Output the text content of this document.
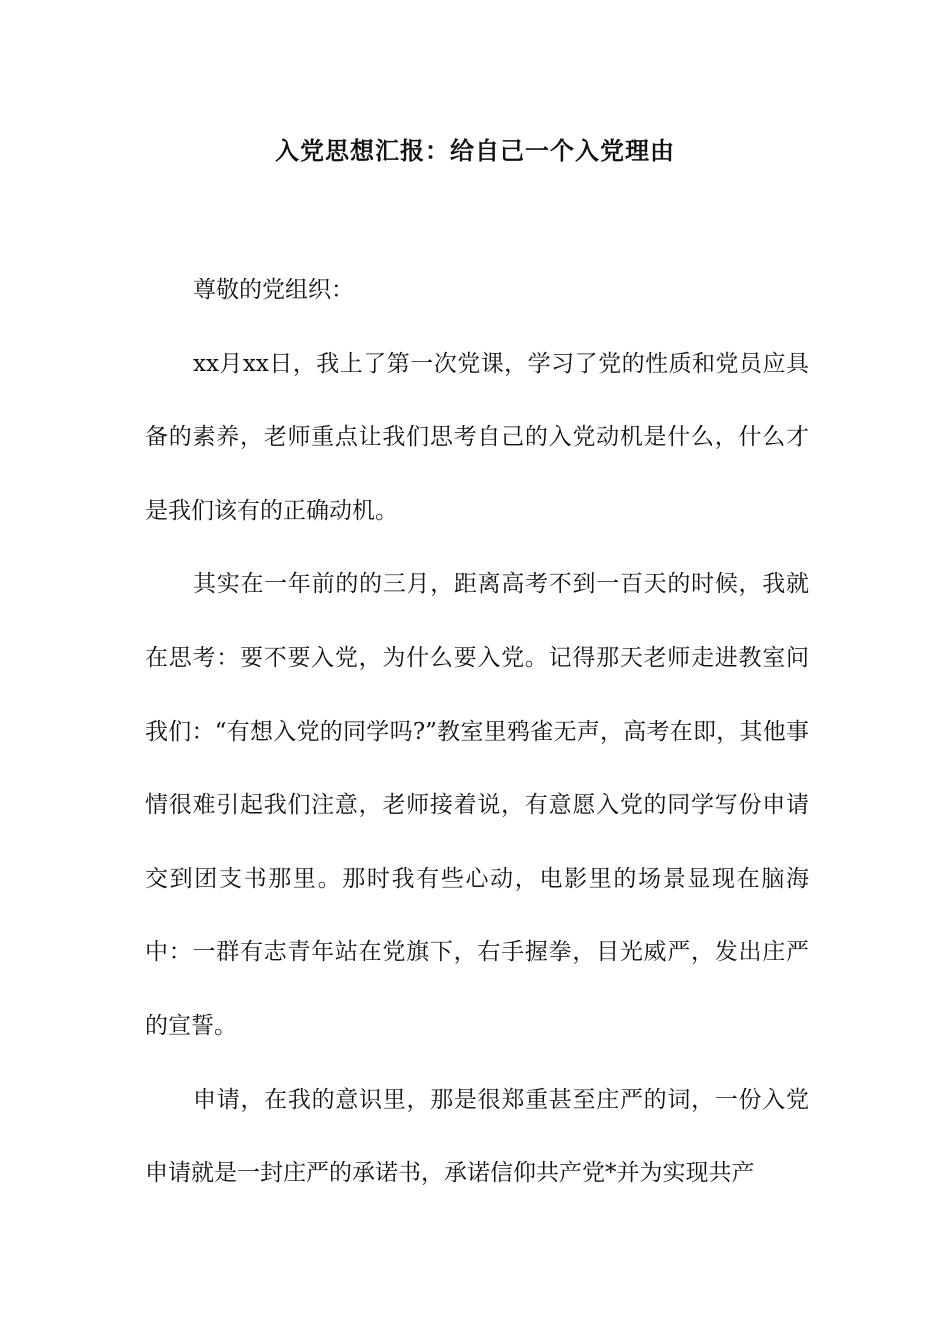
入党思想汇报：给自己一个入党理由

尊敬的党组织：

xx月xx日，我上了第一次党课，学习了党的性质和党员应具备的素养，老师重点让我们思考自己的入党动机是什么，什么才是我们该有的正确动机。

其实在一年前的的三月，距离高考不到一百天的时候，我就在思考：要不要入党，为什么要入党。记得那天老师走进教室问我们：“有想入党的同学吗?”教室里鸦雀无声，高考在即，其他事情很难引起我们注意，老师接着说，有意愿入党的同学写份申请交到团支书那里。那时我有些心动，电影里的场景显现在脑海中：一群有志青年站在党旗下，右手握拳，目光威严，发出庄严的宣誓。

申请，在我的意识里，那是很郑重甚至庄严的词，一份入党申请就是一封庄严的承诺书，承诺信仰共产党*并为实现共产
